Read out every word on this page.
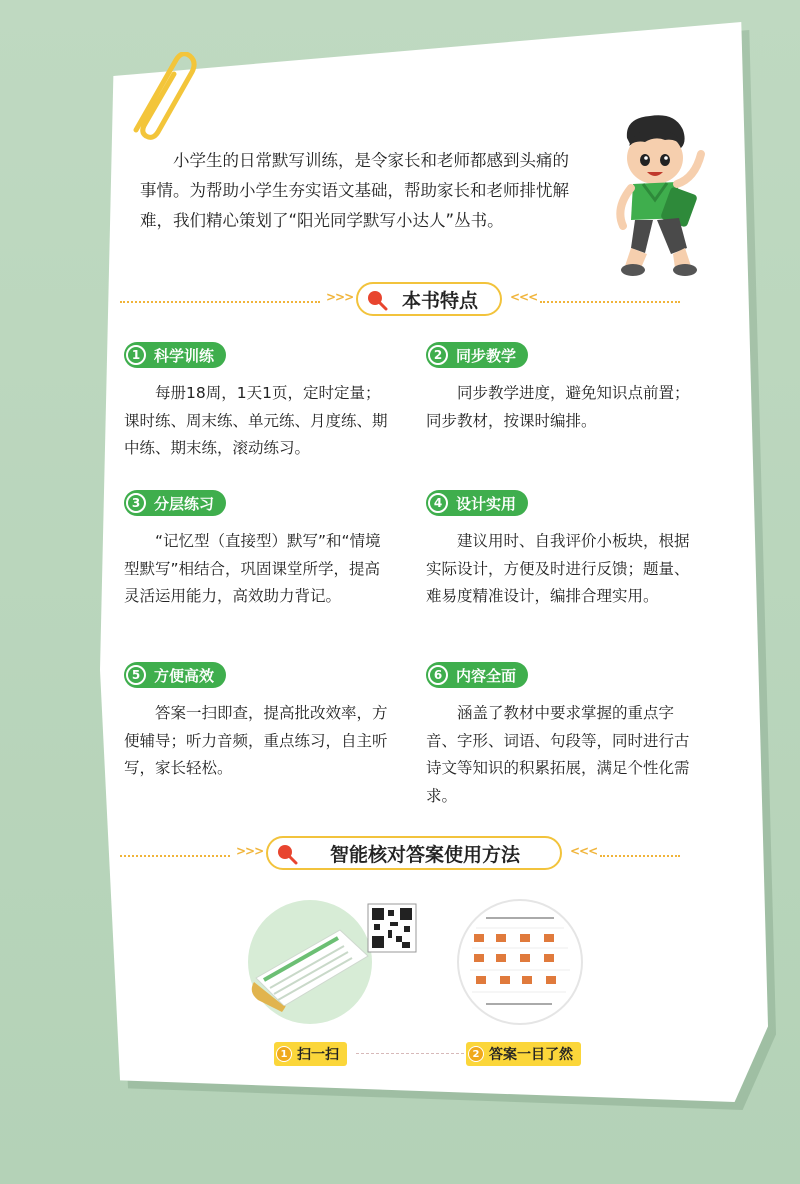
小学生的日常默写训练，是令家长和老师都感到头痛的事情。为帮助小学生夯实语文基础，帮助家长和老师排忧解难，我们精心策划了“阳光同学默写小达人”丛书。

>>>	本书特点	<<<
1 科学训练

每册18周，1天1页，定时定量；课时练、周末练、单元练、月度练、期中练、期末练，滚动练习。

2 同步教学

同步教学进度，避免知识点前置；同步教材，按课时编排。

3 分层练习

“记忆型（直接型）默写”和“情境型默写”相结合，巩固课堂所学，提高灵活运用能力，高效助力背记。

4 设计实用

建议用时、自我评价小板块，根据实际设计，方便及时进行反馈；题量、难易度精准设计，编排合理实用。

5 方便高效

答案一扫即查，提高批改效率，方便辅导；听力音频，重点练习，自主听写，家长轻松。

6 内容全面

涵盖了教材中要求掌握的重点字音、字形、词语、句段等，同时进行古诗文等知识的积累拓展，满足个性化需求。

>>>	智能核对答案使用方法	<<<
1 扫一扫	2 答案一目了然
